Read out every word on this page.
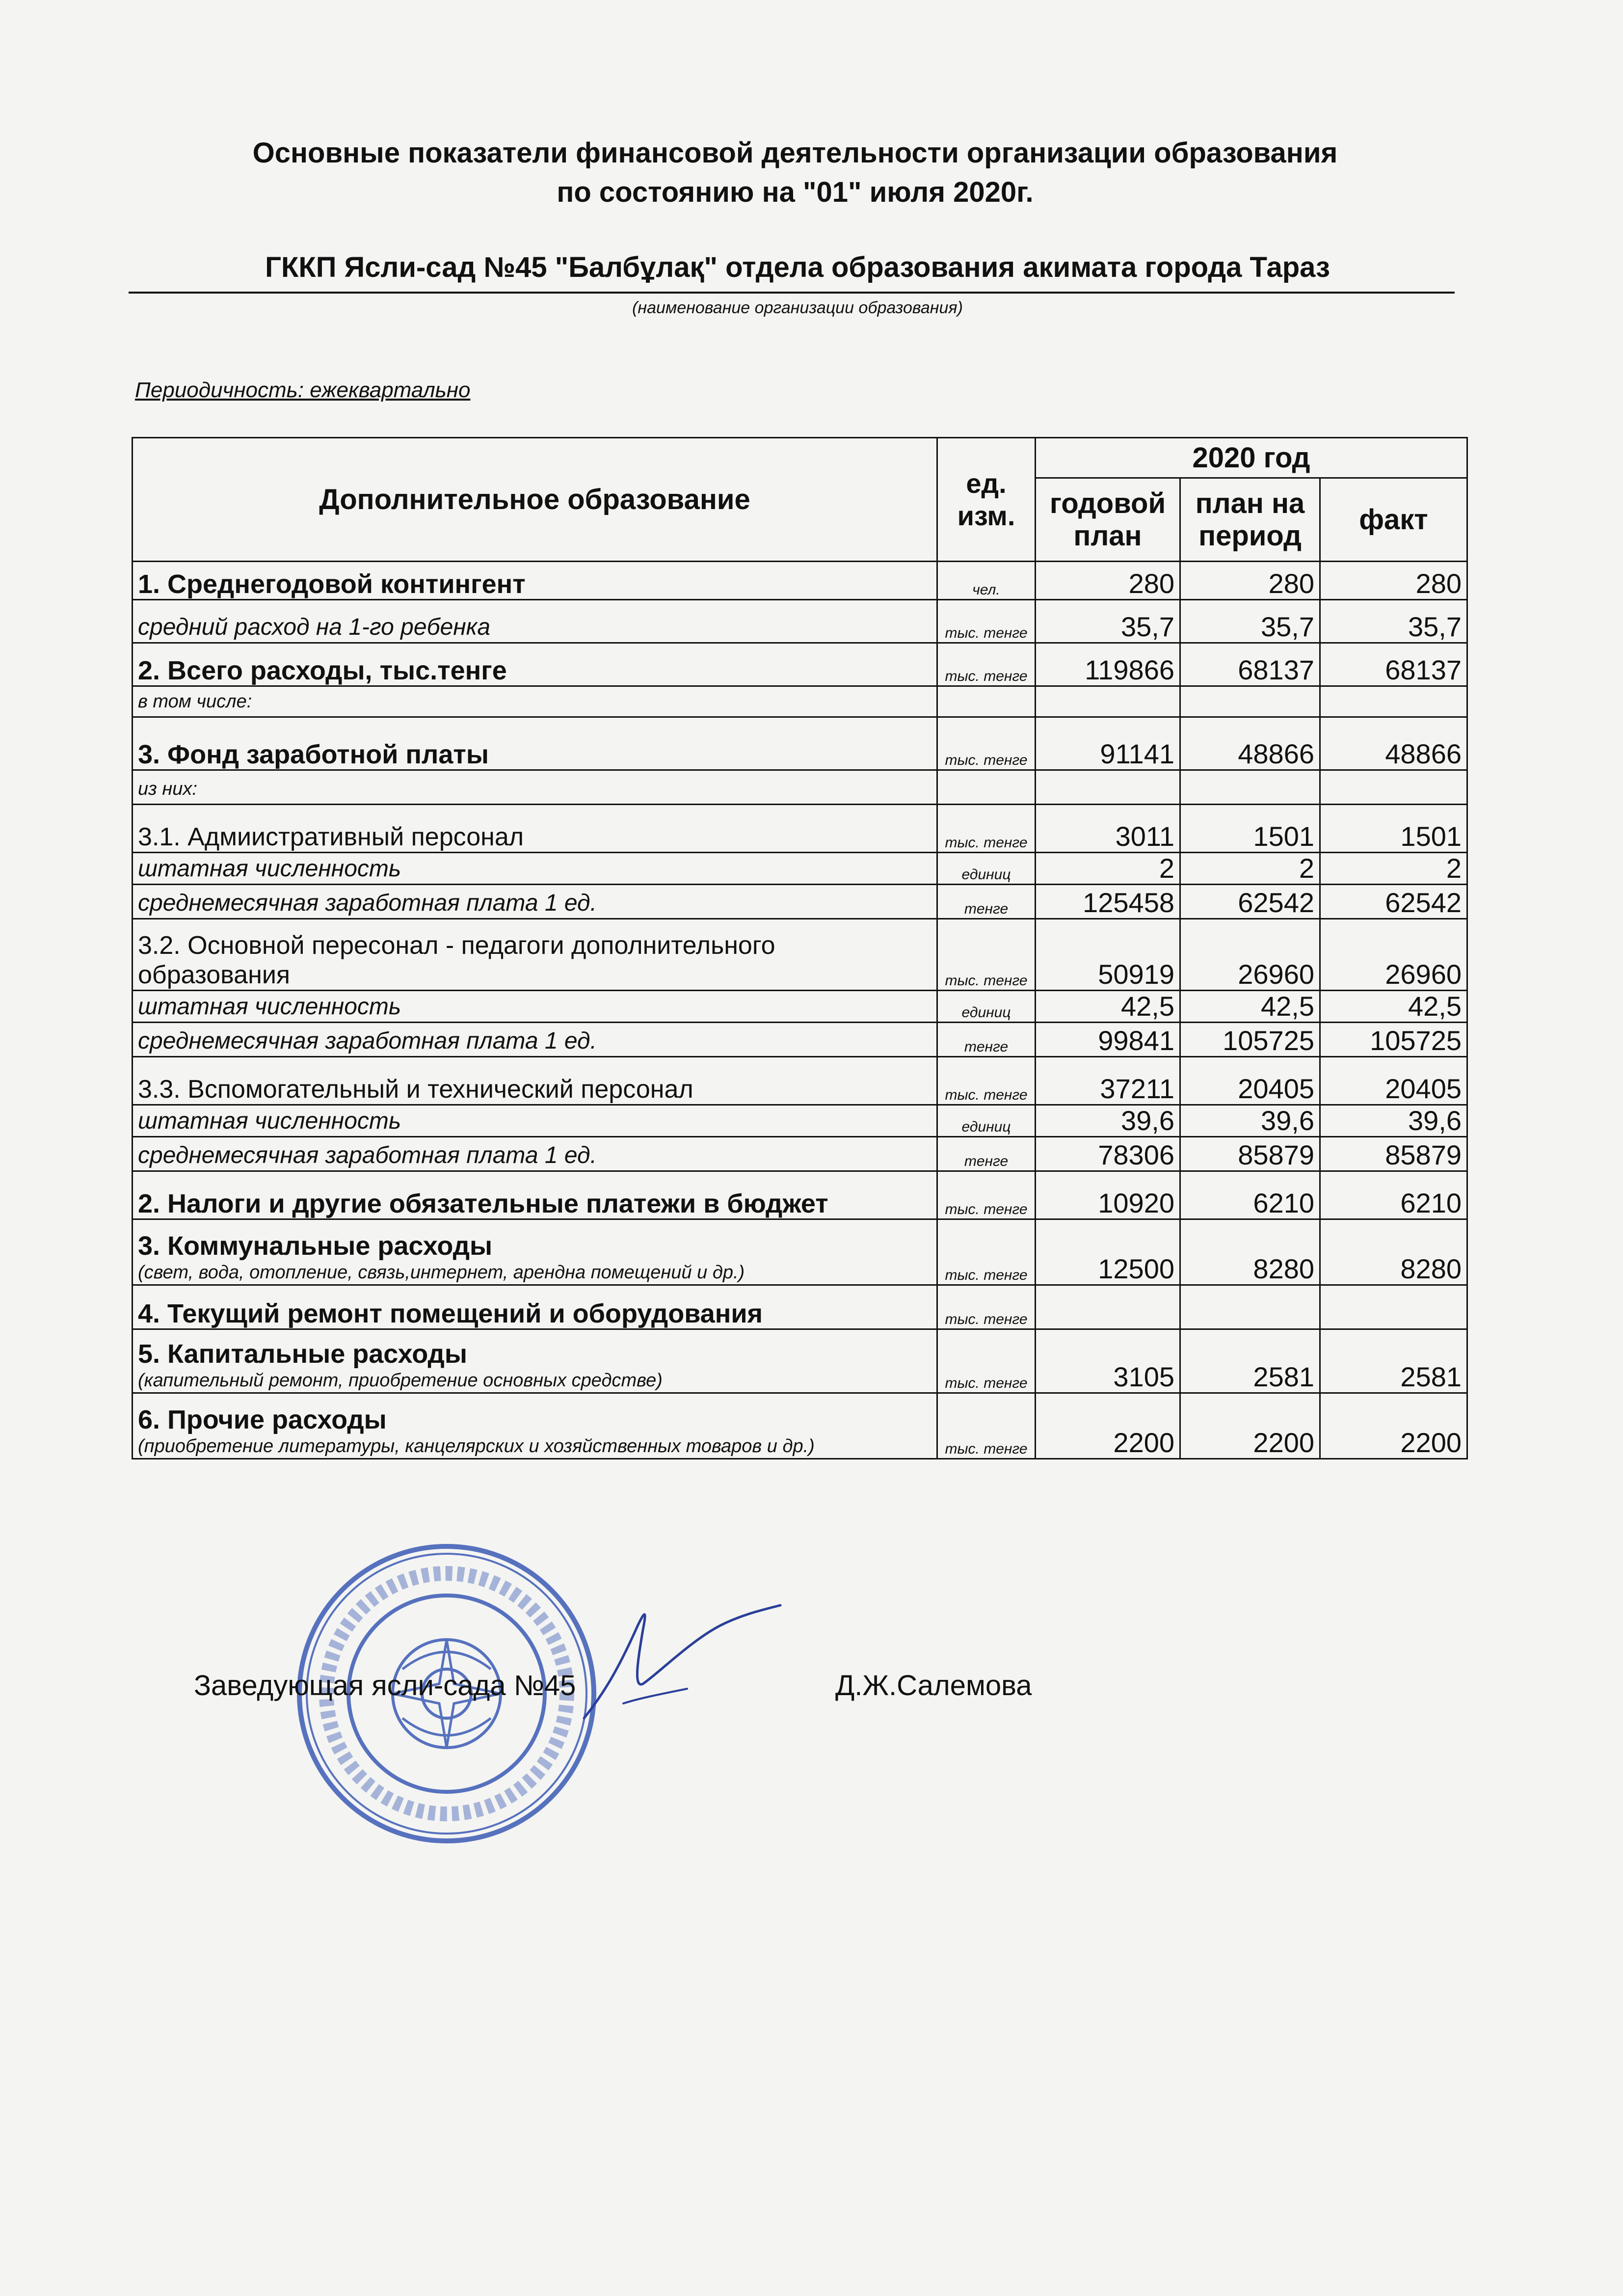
Основные показатели финансовой деятельности организации образования
по состоянию на "01" июля 2020г.
ГККП Ясли-сад №45 "Балбұлақ" отдела образования акимата города Тараз
(наименование организации образования)
Периодичность: ежеквартально
Дополнительное образование	ед. изм.	2020 год		
		годовой план	план на период	факт
1. Среднегодовой контингент	чел.	280	280	280
средний расход на 1-го ребенка	тыс. тенге	35,7	35,7	35,7
2. Всего расходы, тыс.тенге	тыс. тенге	119866	68137	68137
в том числе:				
3. Фонд заработной платы	тыс. тенге	91141	48866	48866
из них:				
3.1. Адмиистративный персонал	тыс. тенге	3011	1501	1501
штатная численность	единиц	2	2	2
среднемесячная заработная плата 1 ед.	тенге	125458	62542	62542
3.2. Основной пересонал - педагоги дополнительного образования	тыс. тенге	50919	26960	26960
штатная численность	единиц	42,5	42,5	42,5
среднемесячная заработная плата 1 ед.	тенге	99841	105725	105725
3.3. Вспомогательный и технический персонал	тыс. тенге	37211	20405	20405
штатная численность	единиц	39,6	39,6	39,6
среднемесячная заработная плата 1 ед.	тенге	78306	85879	85879
2. Налоги и другие обязательные платежи в бюджет	тыс. тенге	10920	6210	6210
3. Коммунальные расходы
(свет, вода, отопление, связь,интернет, арендна помещений и др.)	тыс. тенге	12500	8280	8280
4. Текущий ремонт помещений и оборудования	тыс. тенге			
5. Капитальные расходы
(капительный ремонт, приобретение основных средстве)	тыс. тенге	3105	2581	2581
6. Прочие расходы
(приобретение литературы, канцелярских и хозяйственных товаров и др.)	тыс. тенге	2200	2200	2200
Заведующая ясли-сада №45	Д.Ж.Салемова
